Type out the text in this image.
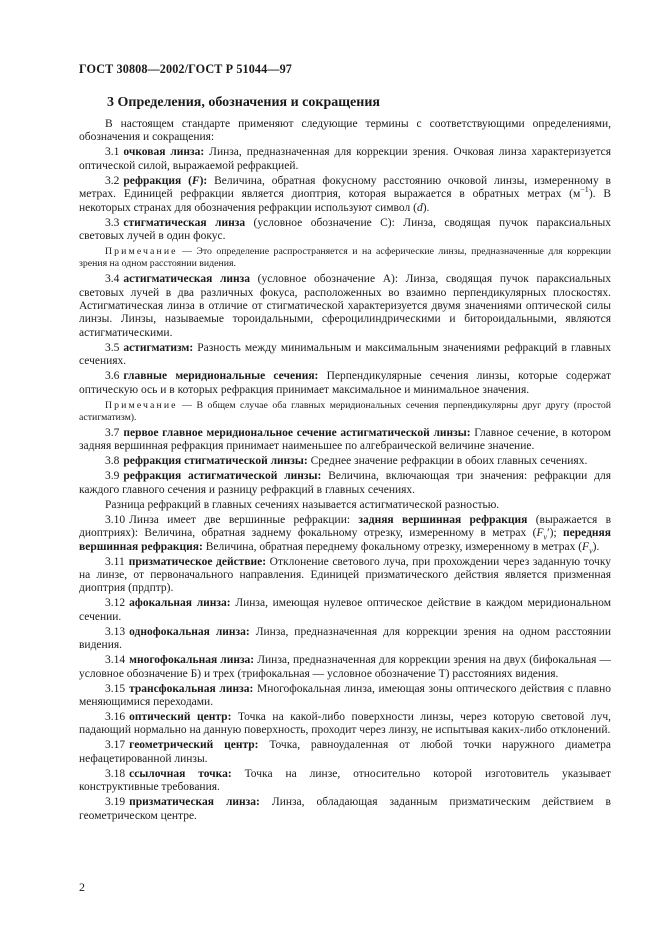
ГОСТ 30808—2002/ГОСТ Р 51044—97
3 Определения, обозначения и сокращения

В настоящем стандарте применяют следующие термины с соответствующими определениями, обозначения и сокращения:

3.1 очковая линза: Линза, предназначенная для коррекции зрения. Очковая линза характеризуется оптической силой, выражаемой рефракцией.

3.2 рефракция (F): Величина, обратная фокусному расстоянию очковой линзы, измеренному в метрах. Единицей рефракции является диоптрия, которая выражается в обратных метрах $(м^{-1})$. В некоторых странах для обозначения рефракции используют символ (d).

3.3 стигматическая линза (условное обозначение С): Линза, сводящая пучок параксиальных световых лучей в один фокус.

Примечание — Это определение распространяется и на асферические линзы, предназначенные для коррекции зрения на одном расстоянии видения.

3.4 астигматическая линза (условное обозначение А): Линза, сводящая пучок параксиальных световых лучей в два различных фокуса, расположенных во взаимно перпендикулярных плоскостях. Астигматическая линза в отличие от стигматической характеризуется двумя значениями оптической силы линзы. Линзы, называемые тороидальными, сфероцилиндрическими и битороидальными, являются астигматическими.

3.5 астигматизм: Разность между минимальным и максимальным значениями рефракций в главных сечениях.

3.6 главные меридиональные сечения: Перпендикулярные сечения линзы, которые содержат оптическую ось и в которых рефракция принимает максимальное и минимальное значения.

Примечание — В общем случае оба главных меридиональных сечения перпендикулярны друг другу (простой астигматизм).

3.7 первое главное меридиональное сечение астигматической линзы: Главное сечение, в котором задняя вершинная рефракция принимает наименьшее по алгебраической величине значение.

3.8 рефракция стигматической линзы: Среднее значение рефракции в обоих главных сечениях.

3.9 рефракция астигматической линзы: Величина, включающая три значения: рефракции для каждого главного сечения и разницу рефракций в главных сечениях.

Разница рефракций в главных сечениях называется астигматической разностью.

3.10 Линза имеет две вершинные рефракции: задняя вершинная рефракция (выражается в диоптриях): Величина, обратная заднему фокальному отрезку, измеренному в метрах $(F_v')$; передняя вершинная рефракция: Величина, обратная переднему фокальному отрезку, измеренному в метрах $(F_v)$.

3.11 призматическое действие: Отклонение светового луча, при прохождении через заданную точку на линзе, от первоначального направления. Единицей призматического действия является призменная диоптрия (прдптр).

3.12 афокальная линза: Линза, имеющая нулевое оптическое действие в каждом меридиональном сечении.

3.13 однофокальная линза: Линза, предназначенная для коррекции зрения на одном расстоянии видения.

3.14 многофокальная линза: Линза, предназначенная для коррекции зрения на двух (бифокальная — условное обозначение Б) и трех (трифокальная — условное обозначение Т) расстояниях видения.

3.15 трансфокальная линза: Многофокальная линза, имеющая зоны оптического действия с плавно меняющимися переходами.

3.16 оптический центр: Точка на какой-либо поверхности линзы, через которую световой луч, падающий нормально на данную поверхность, проходит через линзу, не испытывая каких-либо отклонений.

3.17 геометрический центр: Точка, равноудаленная от любой точки наружного диаметра нефацетированной линзы.

3.18 ссылочная точка: Точка на линзе, относительно которой изготовитель указывает конструктивные требования.

3.19 призматическая линза: Линза, обладающая заданным призматическим действием в геометрическом центре.

2
